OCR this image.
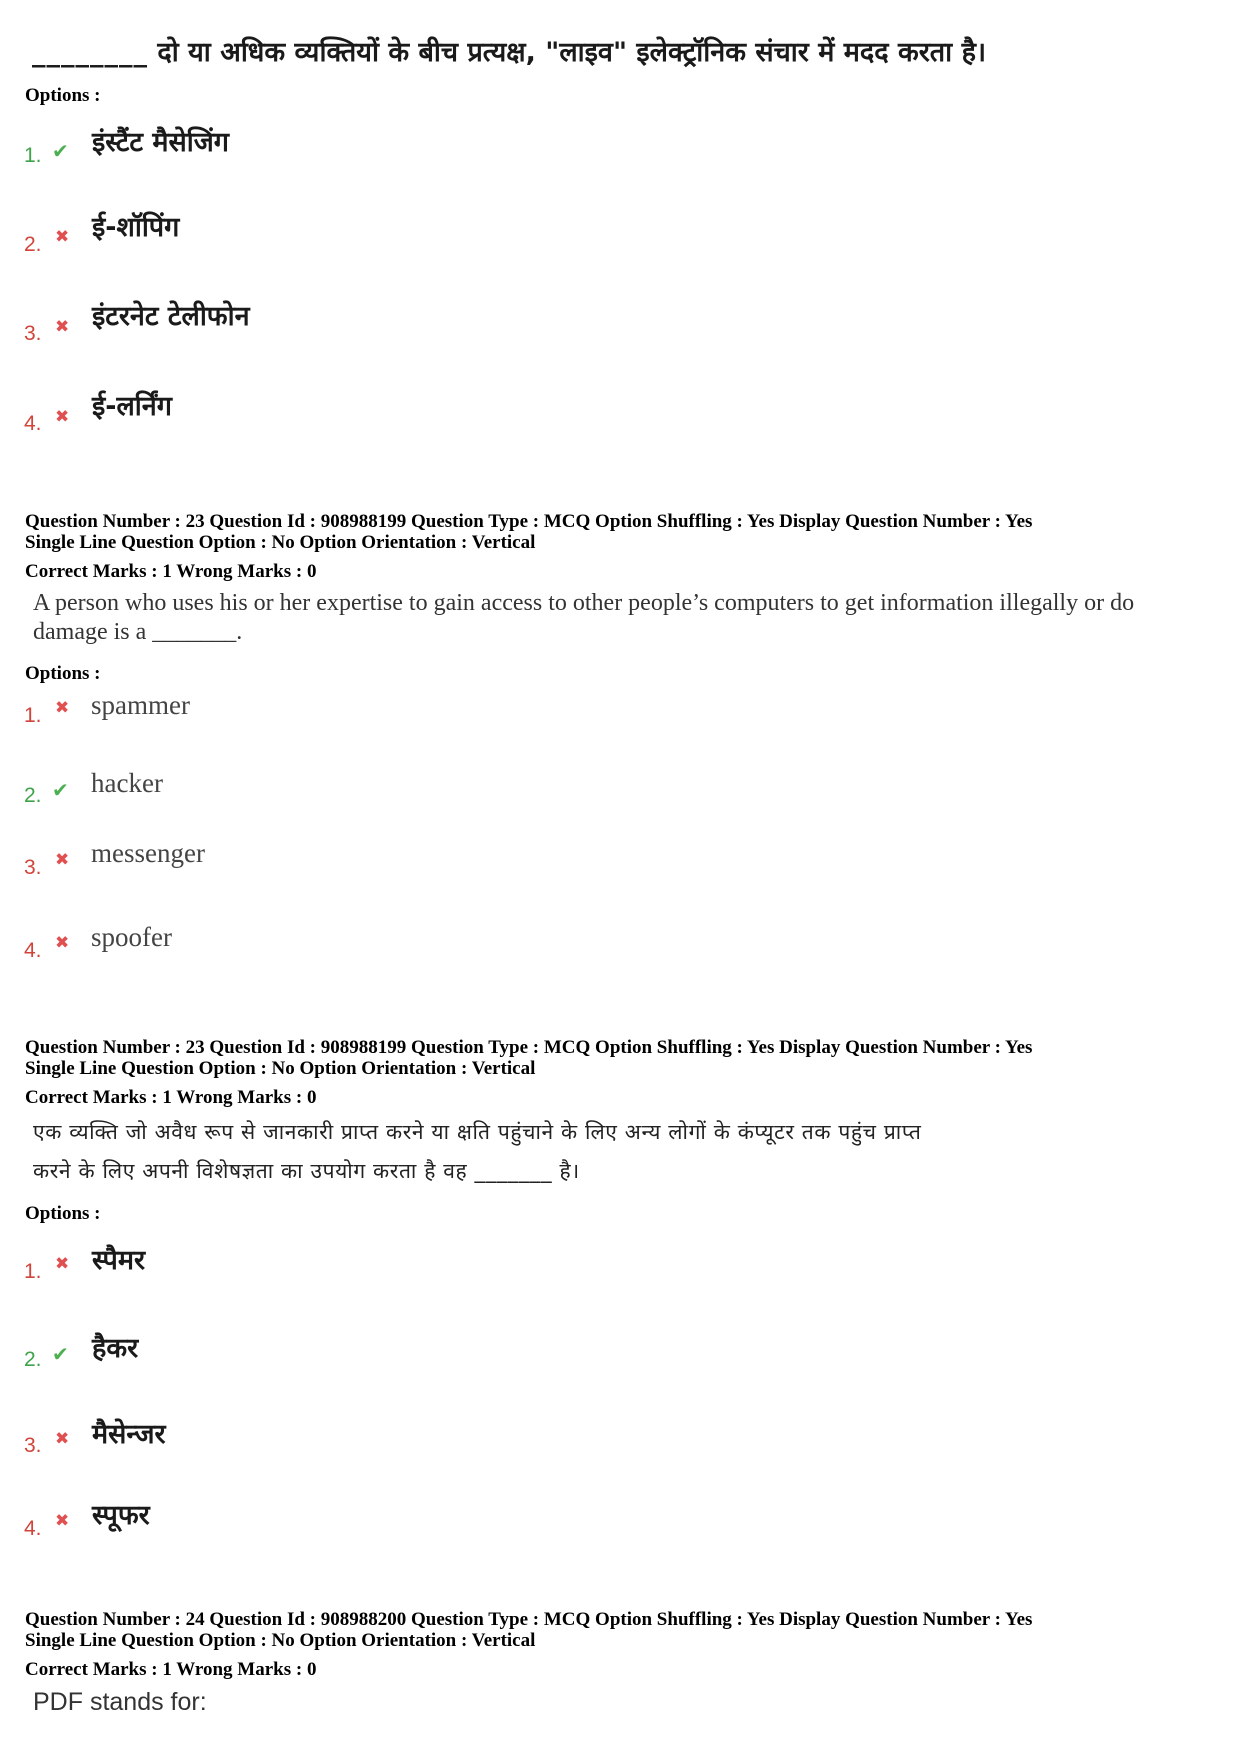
________ दो या अधिक व्यक्तियों के बीच प्रत्यक्ष, "लाइव" इलेक्ट्रॉनिक संचार में मदद करता है।
Options :
1. ✔ इंस्टैंट मैसेजिंग
2. ✖ ई-शॉपिंग
3. ✖ इंटरनेट टेलीफोन
4. ✖ ई-लर्निंग
Question Number : 23 Question Id : 908988199 Question Type : MCQ Option Shuffling : Yes Display Question Number : Yes
Single Line Question Option : No Option Orientation : Vertical
Correct Marks : 1 Wrong Marks : 0
A person who uses his or her expertise to gain access to other people’s computers to get information illegally or do
damage is a _______.
Options :
1. ✖ spammer
2. ✔ hacker
3. ✖ messenger
4. ✖ spoofer
Question Number : 23 Question Id : 908988199 Question Type : MCQ Option Shuffling : Yes Display Question Number : Yes
Single Line Question Option : No Option Orientation : Vertical
Correct Marks : 1 Wrong Marks : 0
एक व्यक्ति जो अवैध रूप से जानकारी प्राप्त करने या क्षति पहुंचाने के लिए अन्य लोगों के कंप्यूटर तक पहुंच प्राप्त
करने के लिए अपनी विशेषज्ञता का उपयोग करता है वह _______ है।
Options :
1. ✖ स्पैमर
2. ✔ हैकर
3. ✖ मैसेन्जर
4. ✖ स्पूफर
Question Number : 24 Question Id : 908988200 Question Type : MCQ Option Shuffling : Yes Display Question Number : Yes
Single Line Question Option : No Option Orientation : Vertical
Correct Marks : 1 Wrong Marks : 0
PDF stands for:
